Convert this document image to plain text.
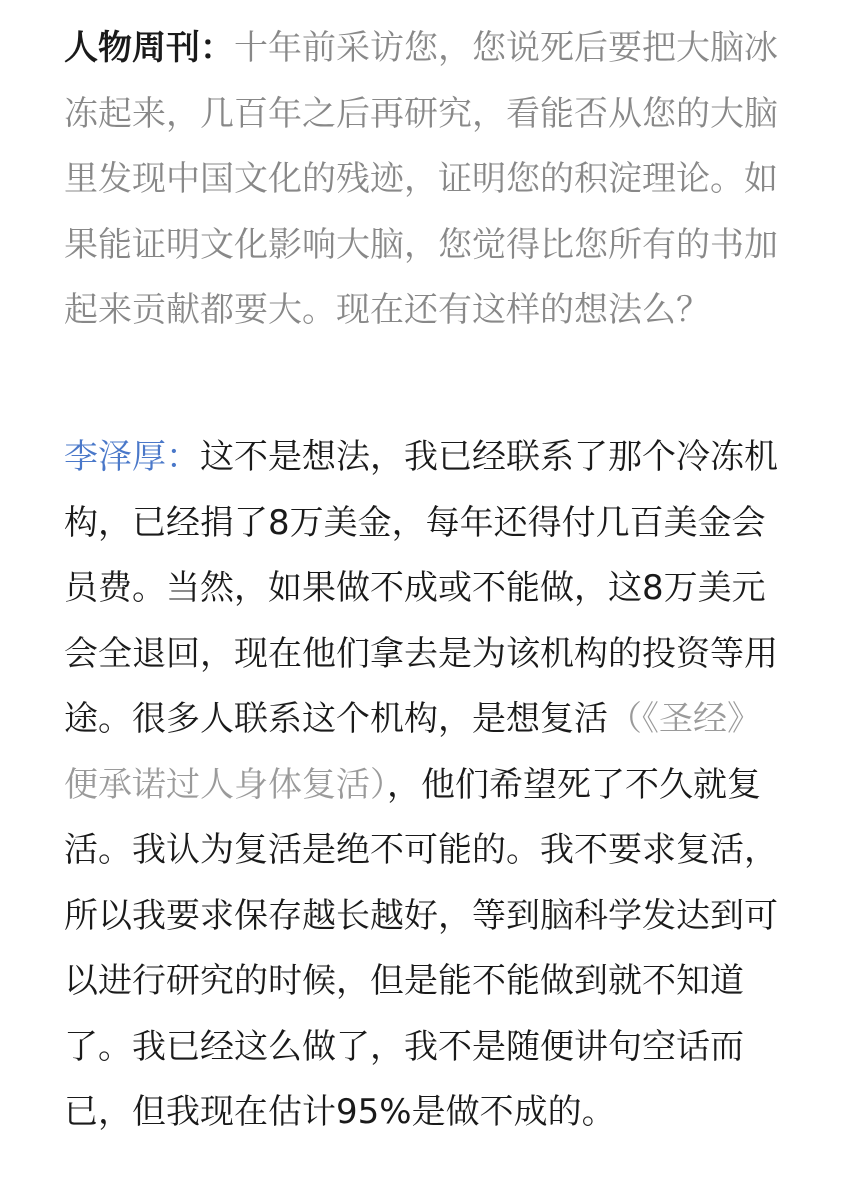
人物周刊：十年前采访您，您说死后要把大脑冰冻起来，几百年之后再研究，看能否从您的大脑里发现中国文化的残迹，证明您的积淀理论。如果能证明文化影响大脑，您觉得比您所有的书加起来贡献都要大。现在还有这样的想法么？

李泽厚：这不是想法，我已经联系了那个冷冻机构，已经捐了8万美金，每年还得付几百美金会员费。当然，如果做不成或不能做，这8万美元会全退回，现在他们拿去是为该机构的投资等用途。很多人联系这个机构，是想复活（《圣经》便承诺过人身体复活），他们希望死了不久就复活。我认为复活是绝不可能的。我不要求复活，所以我要求保存越长越好，等到脑科学发达到可以进行研究的时候，但是能不能做到就不知道了。我已经这么做了，我不是随便讲句空话而已，但我现在估计95%是做不成的。
